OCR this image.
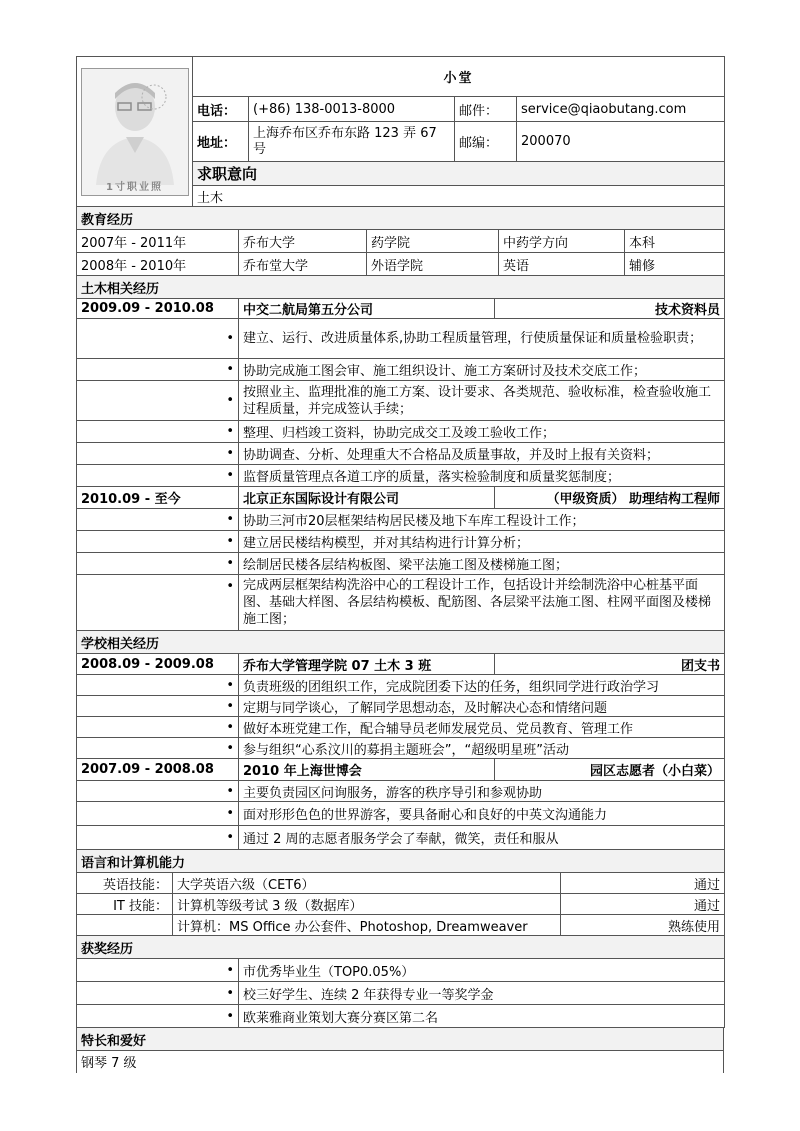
1寸职业照	小堂			
	电话：	(+86) 138-0013-8000	邮件：	service@qiaobutang.com
	地址：	上海乔布区乔布东路 123 弄 67 号	邮编：	200070
	求职意向			
	土木			
教育经历				
2007年 - 2011年	乔布大学	药学院	中药学方向	本科
2008年 - 2010年	乔布堂大学	外语学院	英语	辅修
土木相关经历		
2009.09 - 2010.08	中交二航局第五分公司	技术资料员
•	建立、运行、改进质量体系,协助工程质量管理，行使质量保证和质量检验职责；	
•	协助完成施工图会审、施工组织设计、施工方案研讨及技术交底工作；	
•	按照业主、监理批准的施工方案、设计要求、各类规范、验收标准，检查验收施工过程质量，并完成签认手续；	
•	整理、归档竣工资料，协助完成交工及竣工验收工作；	
•	协助调查、分析、处理重大不合格品及质量事故，并及时上报有关资料；	
•	监督质量管理点各道工序的质量，落实检验制度和质量奖惩制度；	
2010.09 - 至今	北京正东国际设计有限公司	（甲级资质） 助理结构工程师
•	协助三河市20层框架结构居民楼及地下车库工程设计工作；	
•	建立居民楼结构模型，并对其结构进行计算分析；	
•	绘制居民楼各层结构板图、梁平法施工图及楼梯施工图；	
•	完成两层框架结构洗浴中心的工程设计工作，包括设计并绘制洗浴中心桩基平面图、基础大样图、各层结构模板、配筋图、各层梁平法施工图、柱网平面图及楼梯施工图；	
学校相关经历		
2008.09 - 2009.08	乔布大学管理学院 07 土木 3 班	团支书
•	负责班级的团组织工作，完成院团委下达的任务，组织同学进行政治学习	
•	定期与同学谈心，了解同学思想动态，及时解决心态和情绪问题	
•	做好本班党建工作，配合辅导员老师发展党员、党员教育、管理工作	
•	参与组织“心系汶川的募捐主题班会”，“超级明星班”活动	
2007.09 - 2008.08	2010 年上海世博会	园区志愿者（小白菜）
•	主要负责园区问询服务，游客的秩序导引和参观协助	
•	面对形形色色的世界游客，要具备耐心和良好的中英文沟通能力	
•	通过 2 周的志愿者服务学会了奉献，微笑，责任和服从	
语言和计算机能力		
英语技能：	大学英语六级（CET6）	通过
IT 技能：	计算机等级考试 3 级（数据库）	通过
	计算机：MS Office 办公套件、Photoshop, Dreamweaver	熟练使用
获奖经历	
•	市优秀毕业生（TOP0.05%）
•	校三好学生、连续 2 年获得专业一等奖学金
•	欧莱雅商业策划大赛分赛区第二名
特长和爱好
钢琴 7 级
